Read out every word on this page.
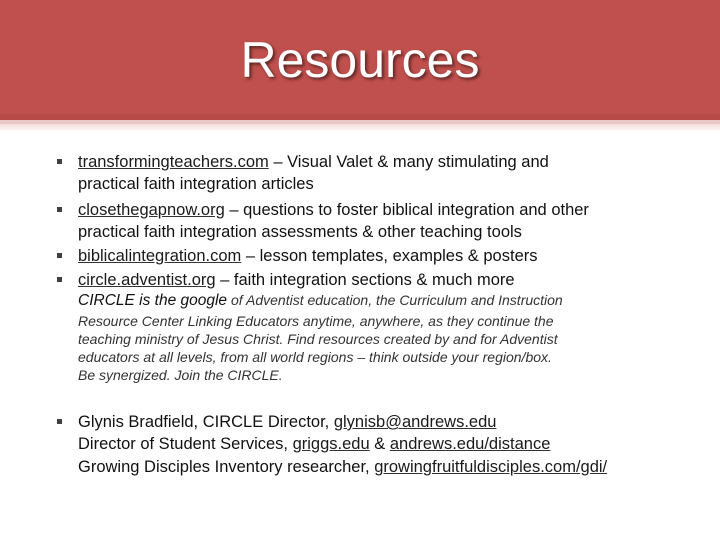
Resources
transformingteachers.com – Visual Valet & many stimulating and
practical faith integration articles
closethegapnow.org – questions to foster biblical integration and other
practical faith integration assessments & other teaching tools
biblicalintegration.com – lesson templates, examples & posters
circle.adventist.org – faith integration sections & much more
CIRCLE is the google of Adventist education, the Curriculum and Instruction
Resource Center Linking Educators anytime, anywhere, as they continue the
teaching ministry of Jesus Christ. Find resources created by and for Adventist
educators at all levels, from all world regions – think outside your region/box.
Be synergized. Join the CIRCLE.
Glynis Bradfield, CIRCLE Director, glynisb@andrews.edu
Director of Student Services, griggs.edu & andrews.edu/distance
Growing Disciples Inventory researcher, growingfruitfuldisciples.com/gdi/
